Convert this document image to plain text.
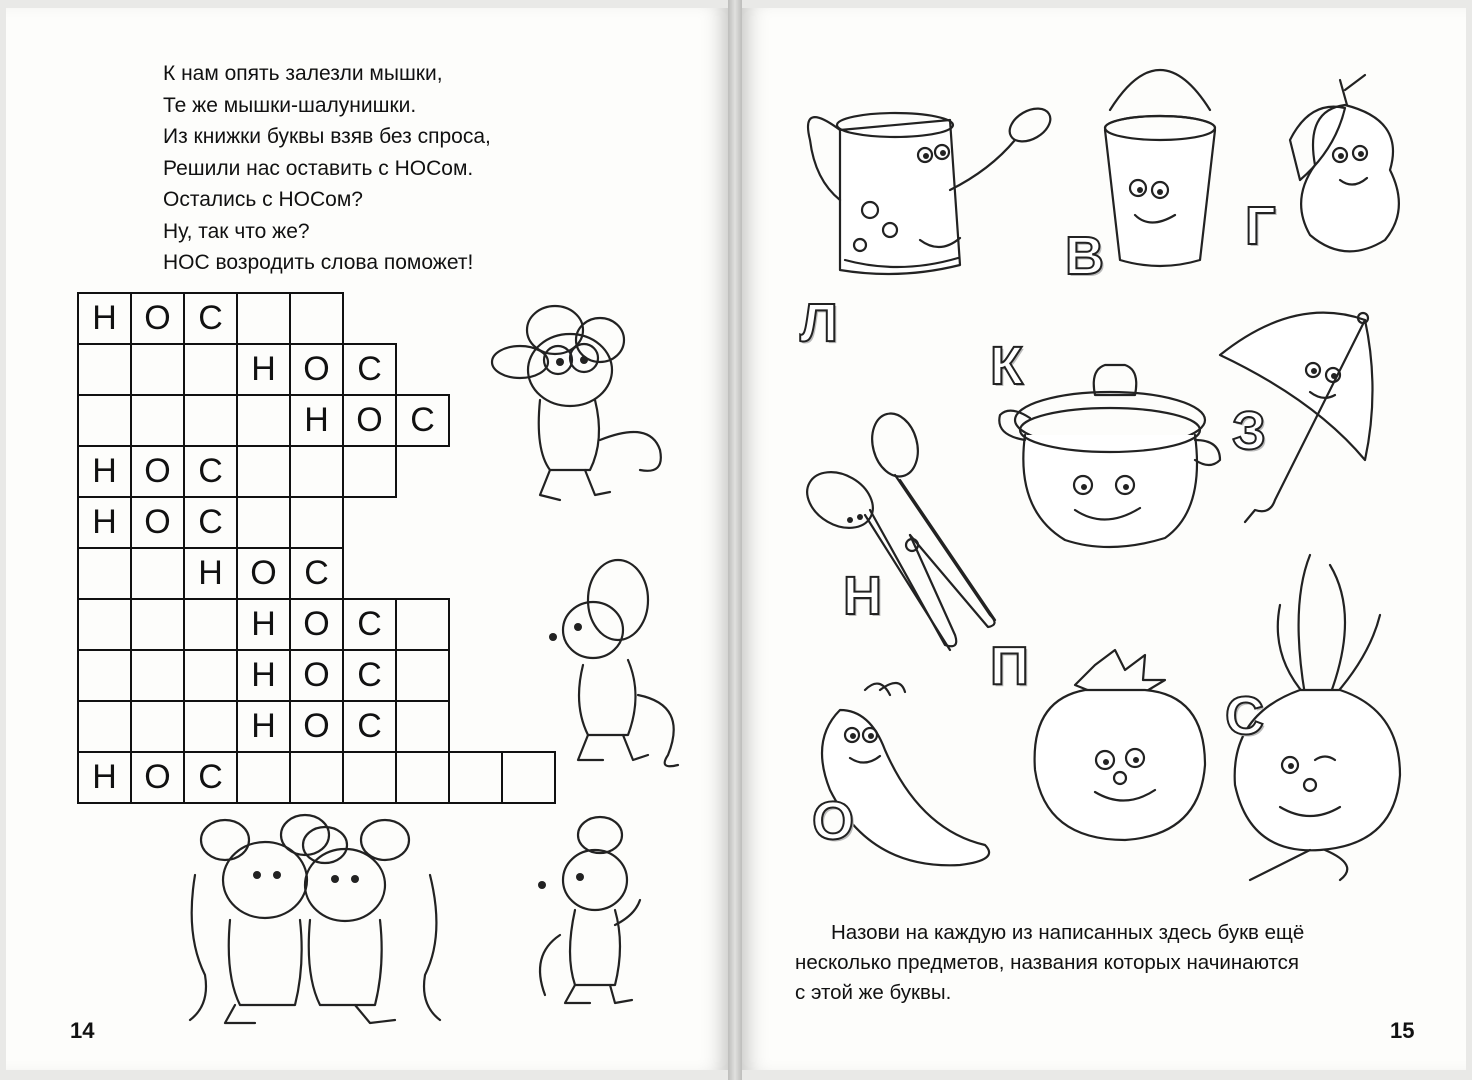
К нам опять залезли мышки,
Те же мышки-шалунишки.
Из книжки буквы взяв без спроса,
Решили нас оставить с НОСом.
Остались с НОСом?
Ну, так что же?
НОС возродить слова поможет!
Н	О	С						
			Н	О	С			
				Н	О	С		
Н	О	С						
Н	О	С						
		Н	О	С				
			Н	О	С			
			Н	О	С			
			Н	О	С			
Н	О	С						
14
Л
В	Г
К
З
Н
О
П
С
Назови на каждую из написанных здесь букв ещё
несколько предметов, названия которых начинаются
с этой же буквы.
15
